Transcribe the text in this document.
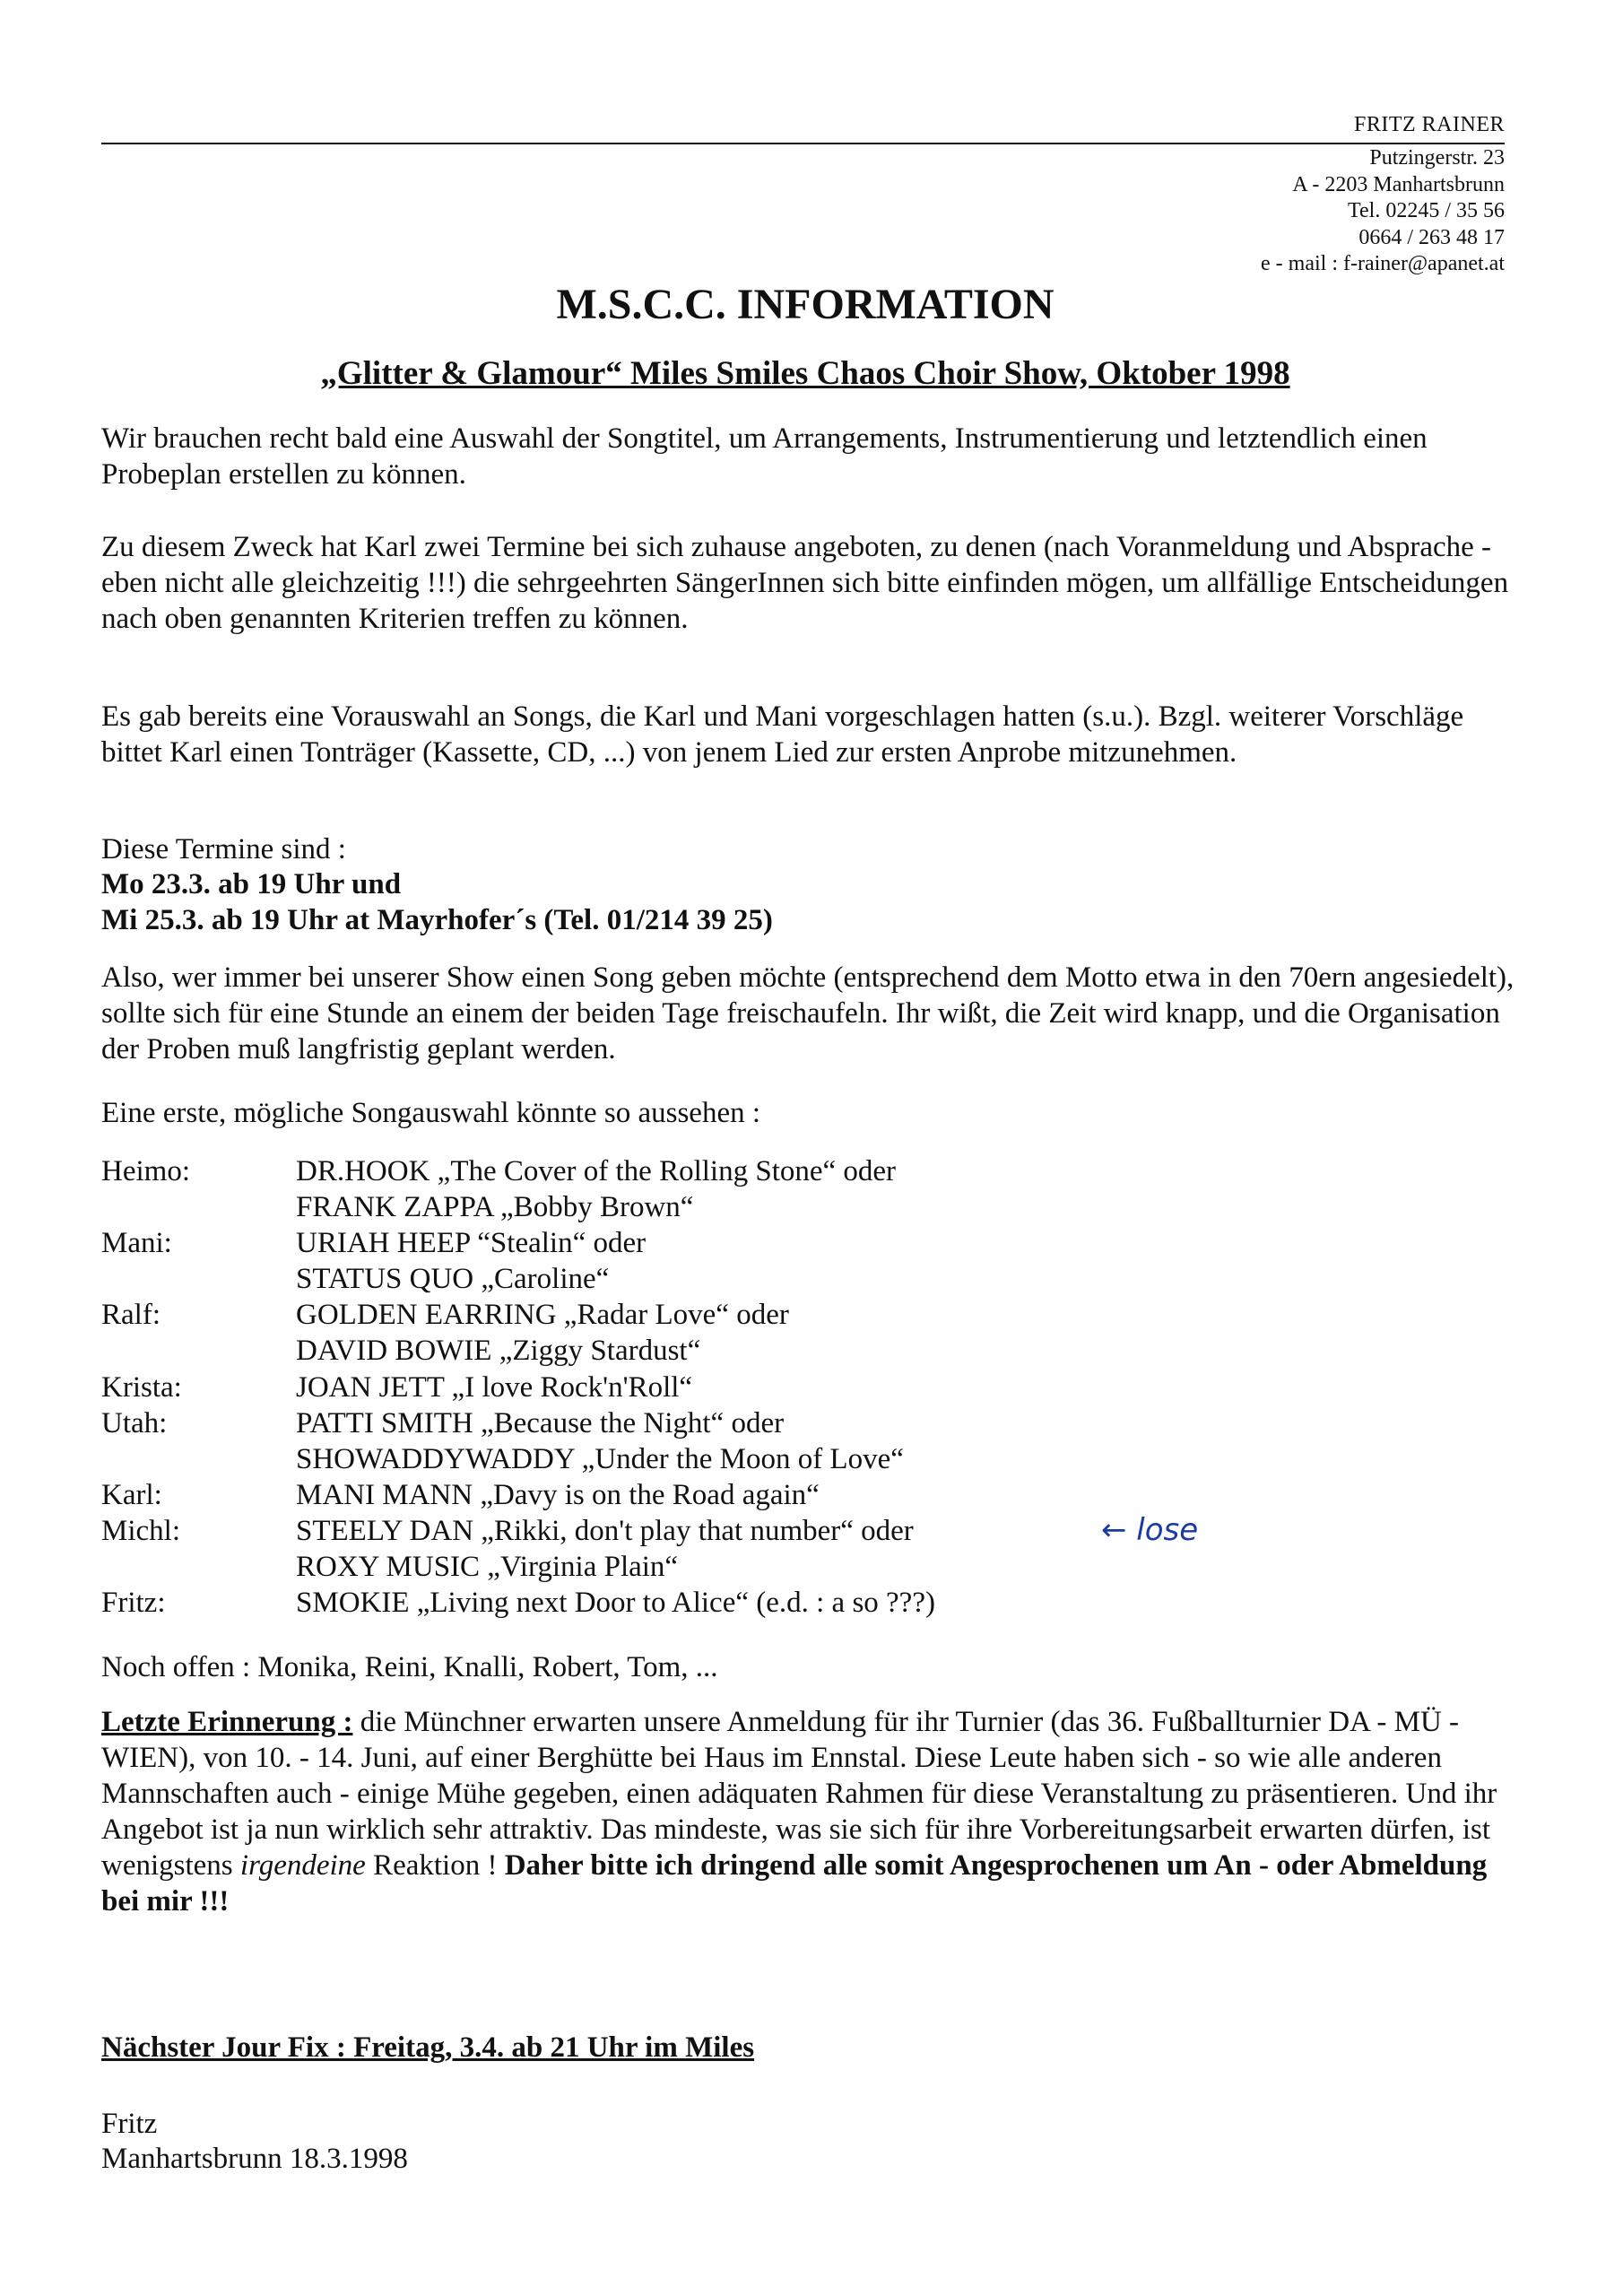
FRITZ RAINER
Putzingerstr. 23
A - 2203 Manhartsbrunn
Tel. 02245 / 35 56
0664 / 263 48 17
e - mail : f-rainer@apanet.at
M.S.C.C. INFORMATION
„Glitter & Glamour“ Miles Smiles Chaos Choir Show, Oktober 1998
Wir brauchen recht bald eine Auswahl der Songtitel, um Arrangements, Instrumentierung und letztendlich einen Probeplan erstellen zu können.
Zu diesem Zweck hat Karl zwei Termine bei sich zuhause angeboten, zu denen (nach Voranmeldung und Absprache - eben nicht alle gleichzeitig !!!) die sehrgeehrten SängerInnen sich bitte einfinden mögen, um allfällige Entscheidungen nach oben genannten Kriterien treffen zu können.
Es gab bereits eine Vorauswahl an Songs, die Karl und Mani vorgeschlagen hatten (s.u.). Bzgl. weiterer Vorschläge bittet Karl einen Tonträger (Kassette, CD, ...) von jenem Lied zur ersten Anprobe mitzunehmen.
Diese Termine sind :
Mo 23.3. ab 19 Uhr und
Mi 25.3. ab 19 Uhr at Mayrhofer´s (Tel. 01/214 39 25)
Also, wer immer bei unserer Show einen Song geben möchte (entsprechend dem Motto etwa in den 70ern angesiedelt), sollte sich für eine Stunde an einem der beiden Tage freischaufeln. Ihr wißt, die Zeit wird knapp, und die Organisation der Proben muß langfristig geplant werden.
Eine erste, mögliche Songauswahl könnte so aussehen :
Heimo:	DR.HOOK „The Cover of the Rolling Stone“ oder
FRANK ZAPPA „Bobby Brown“
Mani:	URIAH HEEP “Stealin“ oder
STATUS QUO „Caroline“
Ralf:	GOLDEN EARRING „Radar Love“ oder
DAVID BOWIE „Ziggy Stardust“
Krista:	JOAN JETT „I love Rock'n'Roll“
Utah:	PATTI SMITH „Because the Night“ oder
SHOWADDYWADDY „Under the Moon of Love“
Karl:	MANI MANN „Davy is on the Road again“
Michl:	STEELY DAN „Rikki, don't play that number“ oder
ROXY MUSIC „Virginia Plain“
Fritz:	SMOKIE „Living next Door to Alice“ (e.d. : a so ???)
← lose
Noch offen : Monika, Reini, Knalli, Robert, Tom, ...
Letzte Erinnerung : die Münchner erwarten unsere Anmeldung für ihr Turnier (das 36. Fußballturnier DA - MÜ - WIEN), von 10. - 14. Juni, auf einer Berghütte bei Haus im Ennstal. Diese Leute haben sich - so wie alle anderen Mannschaften auch - einige Mühe gegeben, einen adäquaten Rahmen für diese Veranstaltung zu präsentieren. Und ihr Angebot ist ja nun wirklich sehr attraktiv. Das mindeste, was sie sich für ihre Vorbereitungsarbeit erwarten dürfen, ist wenigstens irgendeine Reaktion ! Daher bitte ich dringend alle somit Angesprochenen um An - oder Abmeldung bei mir !!!
Nächster Jour Fix : Freitag, 3.4. ab 21 Uhr im Miles
Fritz
Manhartsbrunn 18.3.1998
